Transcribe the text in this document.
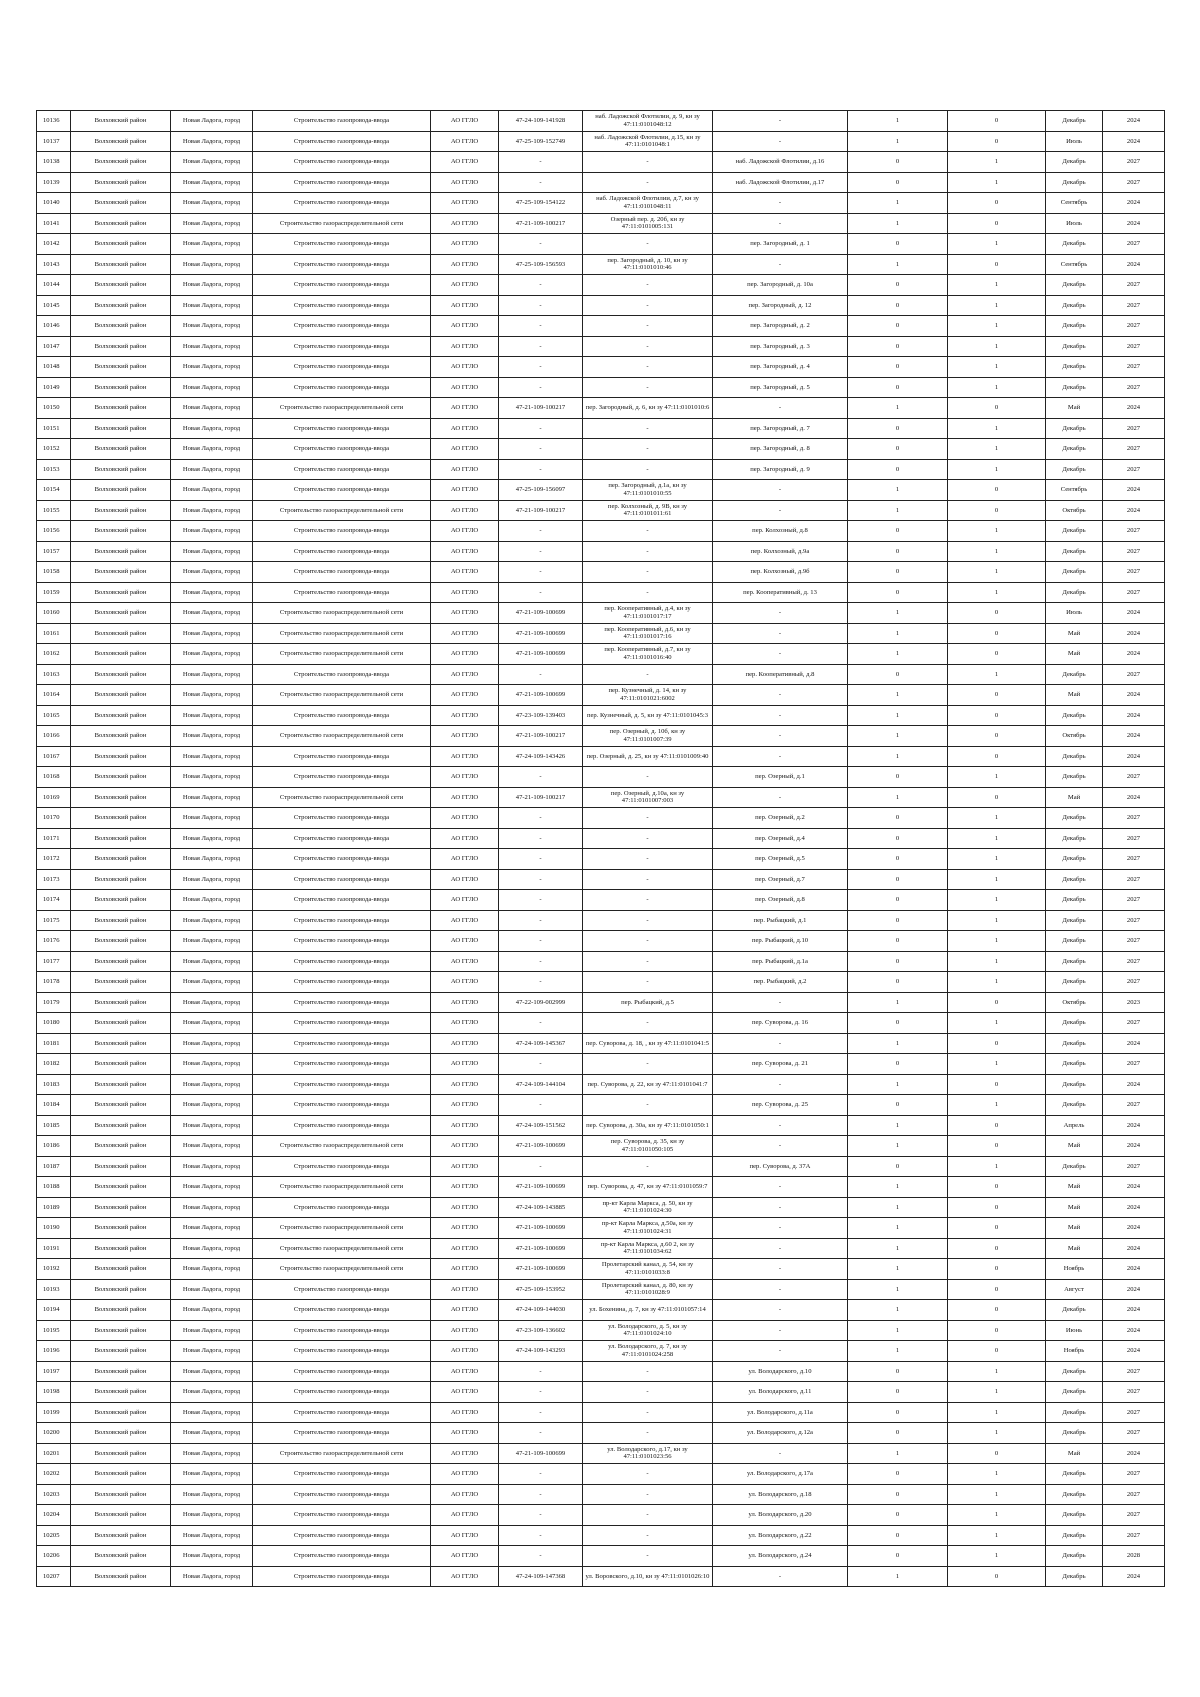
10136	Волховский район	Новая Ладога, город	Строительство газопровода-ввода	АО ГГЛО	47-24-109-141928	наб. Ладожской Флотилии, д. 9, кн зу 47:11:0101048:12	-	1	0	Декабрь	2024
10137	Волховский район	Новая Ладога, город	Строительство газопровода-ввода	АО ГГЛО	47-25-109-152749	наб. Ладожской Флотилии, д.15, кн зу 47:11:0101048:1	-	1	0	Июль	2024
10138	Волховский район	Новая Ладога, город	Строительство газопровода-ввода	АО ГГЛО	-	-	наб. Ладожской Флотилии, д.16	0	1	Декабрь	2027
10139	Волховский район	Новая Ладога, город	Строительство газопровода-ввода	АО ГГЛО	-	-	наб. Ладожской Флотилии, д.17	0	1	Декабрь	2027
10140	Волховский район	Новая Ладога, город	Строительство газопровода-ввода	АО ГГЛО	47-25-109-154122	наб. Ладожской Флотилии, д.7, кн зу 47:11:0101048:11	-	1	0	Сентябрь	2024
10141	Волховский район	Новая Ладога, город	Строительство газораспределительной сети	АО ГГЛО	47-21-109-100217	Озерный пер. д. 20б, кн зу 47:11:0101005:131	-	1	0	Июль	2024
10142	Волховский район	Новая Ладога, город	Строительство газопровода-ввода	АО ГГЛО	-	-	пер. Загородный, д. 1	0	1	Декабрь	2027
10143	Волховский район	Новая Ладога, город	Строительство газопровода-ввода	АО ГГЛО	47-25-109-156593	пер. Загородный, д. 10, кн зу 47:11:0101010:46	-	1	0	Сентябрь	2024
10144	Волховский район	Новая Ладога, город	Строительство газопровода-ввода	АО ГГЛО	-	-	пер. Загородный, д. 10а	0	1	Декабрь	2027
10145	Волховский район	Новая Ладога, город	Строительство газопровода-ввода	АО ГГЛО	-	-	пер. Загородный, д. 12	0	1	Декабрь	2027
10146	Волховский район	Новая Ладога, город	Строительство газопровода-ввода	АО ГГЛО	-	-	пер. Загородный, д. 2	0	1	Декабрь	2027
10147	Волховский район	Новая Ладога, город	Строительство газопровода-ввода	АО ГГЛО	-	-	пер. Загородный, д. 3	0	1	Декабрь	2027
10148	Волховский район	Новая Ладога, город	Строительство газопровода-ввода	АО ГГЛО	-	-	пер. Загородный, д. 4	0	1	Декабрь	2027
10149	Волховский район	Новая Ладога, город	Строительство газопровода-ввода	АО ГГЛО	-	-	пер. Загородный, д. 5	0	1	Декабрь	2027
10150	Волховский район	Новая Ладога, город	Строительство газораспределительной сети	АО ГГЛО	47-21-109-100217	пер. Загородный, д. 6, кн зу 47:11:0101010:6	-	1	0	Май	2024
10151	Волховский район	Новая Ладога, город	Строительство газопровода-ввода	АО ГГЛО	-	-	пер. Загородный, д. 7	0	1	Декабрь	2027
10152	Волховский район	Новая Ладога, город	Строительство газопровода-ввода	АО ГГЛО	-	-	пер. Загородный, д. 8	0	1	Декабрь	2027
10153	Волховский район	Новая Ладога, город	Строительство газопровода-ввода	АО ГГЛО	-	-	пер. Загородный, д. 9	0	1	Декабрь	2027
10154	Волховский район	Новая Ладога, город	Строительство газопровода-ввода	АО ГГЛО	47-25-109-156097	пер. Загородный, д.1а, кн зу 47:11:0101010:55	-	1	0	Сентябрь	2024
10155	Волховский район	Новая Ладога, город	Строительство газораспределительной сети	АО ГГЛО	47-21-109-100217	пер. Колхозный, д. 9В, кн зу 47:11:0101011:61	-	1	0	Октябрь	2024
10156	Волховский район	Новая Ладога, город	Строительство газопровода-ввода	АО ГГЛО	-	-	пер. Колхозный, д.8	0	1	Декабрь	2027
10157	Волховский район	Новая Ладога, город	Строительство газопровода-ввода	АО ГГЛО	-	-	пер. Колхозный, д.9а	0	1	Декабрь	2027
10158	Волховский район	Новая Ладога, город	Строительство газопровода-ввода	АО ГГЛО	-	-	пер. Колхозный, д.9б	0	1	Декабрь	2027
10159	Волховский район	Новая Ладога, город	Строительство газопровода-ввода	АО ГГЛО	-	-	пер. Кооперативный, д. 13	0	1	Декабрь	2027
10160	Волховский район	Новая Ладога, город	Строительство газораспределительной сети	АО ГГЛО	47-21-109-100699	пер. Кооперативный, д.4, кн зу 47:11:0101017:17	-	1	0	Июль	2024
10161	Волховский район	Новая Ладога, город	Строительство газораспределительной сети	АО ГГЛО	47-21-109-100699	пер. Кооперативный, д.6, кн зу 47:11:0101017:16	-	1	0	Май	2024
10162	Волховский район	Новая Ладога, город	Строительство газораспределительной сети	АО ГГЛО	47-21-109-100699	пер. Кооперативный, д.7, кн зу 47:11:0101016:40	-	1	0	Май	2024
10163	Волховский район	Новая Ладога, город	Строительство газопровода-ввода	АО ГГЛО	-	-	пер. Кооперативный, д.8	0	1	Декабрь	2027
10164	Волховский район	Новая Ладога, город	Строительство газораспределительной сети	АО ГГЛО	47-21-109-100699	пер. Кузнечный, д. 14, кн зу 47:11:0101021:6002	-	1	0	Май	2024
10165	Волховский район	Новая Ладога, город	Строительство газопровода-ввода	АО ГГЛО	47-23-109-139403	пер. Кузнечный, д. 5, кн зу 47:11:0101045:3	-	1	0	Декабрь	2024
10166	Волховский район	Новая Ладога, город	Строительство газораспределительной сети	АО ГГЛО	47-21-109-100217	пер. Озерный, д. 10б, кн зу 47:11:0101007:39	-	1	0	Октябрь	2024
10167	Волховский район	Новая Ладога, город	Строительство газопровода-ввода	АО ГГЛО	47-24-109-143426	пер. Озерный, д. 25, кн зу 47:11:0101009:40	-	1	0	Декабрь	2024
10168	Волховский район	Новая Ладога, город	Строительство газопровода-ввода	АО ГГЛО	-	-	пер. Озерный, д.1	0	1	Декабрь	2027
10169	Волховский район	Новая Ладога, город	Строительство газораспределительной сети	АО ГГЛО	47-21-109-100217	пер. Озерный, д.10а, кн зу 47:11:0101007:003	-	1	0	Май	2024
10170	Волховский район	Новая Ладога, город	Строительство газопровода-ввода	АО ГГЛО	-	-	пер. Озерный, д.2	0	1	Декабрь	2027
10171	Волховский район	Новая Ладога, город	Строительство газопровода-ввода	АО ГГЛО	-	-	пер. Озерный, д.4	0	1	Декабрь	2027
10172	Волховский район	Новая Ладога, город	Строительство газопровода-ввода	АО ГГЛО	-	-	пер. Озерный, д.5	0	1	Декабрь	2027
10173	Волховский район	Новая Ладога, город	Строительство газопровода-ввода	АО ГГЛО	-	-	пер. Озерный, д.7	0	1	Декабрь	2027
10174	Волховский район	Новая Ладога, город	Строительство газопровода-ввода	АО ГГЛО	-	-	пер. Озерный, д.8	0	1	Декабрь	2027
10175	Волховский район	Новая Ладога, город	Строительство газопровода-ввода	АО ГГЛО	-	-	пер. Рыбацкий, д.1	0	1	Декабрь	2027
10176	Волховский район	Новая Ладога, город	Строительство газопровода-ввода	АО ГГЛО	-	-	пер. Рыбацкий, д.10	0	1	Декабрь	2027
10177	Волховский район	Новая Ладога, город	Строительство газопровода-ввода	АО ГГЛО	-	-	пер. Рыбацкий, д.1а	0	1	Декабрь	2027
10178	Волховский район	Новая Ладога, город	Строительство газопровода-ввода	АО ГГЛО	-	-	пер. Рыбацкий, д.2	0	1	Декабрь	2027
10179	Волховский район	Новая Ладога, город	Строительство газопровода-ввода	АО ГГЛО	47-22-109-002999	пер. Рыбацкий, д.5	-	1	0	Октябрь	2023
10180	Волховский район	Новая Ладога, город	Строительство газопровода-ввода	АО ГГЛО	-	-	пер. Суворова, д. 16	0	1	Декабрь	2027
10181	Волховский район	Новая Ладога, город	Строительство газопровода-ввода	АО ГГЛО	47-24-109-145367	пер. Суворова, д. 18, , кн зу 47:11:0101041:5	-	1	0	Декабрь	2024
10182	Волховский район	Новая Ладога, город	Строительство газопровода-ввода	АО ГГЛО	-	-	пер. Суворова, д. 21	0	1	Декабрь	2027
10183	Волховский район	Новая Ладога, город	Строительство газопровода-ввода	АО ГГЛО	47-24-109-144104	пер. Суворова, д. 22, кн зу 47:11:0101041:7	-	1	0	Декабрь	2024
10184	Волховский район	Новая Ладога, город	Строительство газопровода-ввода	АО ГГЛО	-	-	пер. Суворова, д. 25	0	1	Декабрь	2027
10185	Волховский район	Новая Ладога, город	Строительство газопровода-ввода	АО ГГЛО	47-24-109-151562	пер. Суворова, д. 30а, кн зу 47:11:0101050:1	-	1	0	Апрель	2024
10186	Волховский район	Новая Ладога, город	Строительство газораспределительной сети	АО ГГЛО	47-21-109-100699	пер. Суворова, д. 35, кн зу 47:11:0101050:105	-	1	0	Май	2024
10187	Волховский район	Новая Ладога, город	Строительство газопровода-ввода	АО ГГЛО	-	-	пер. Суворова, д. 37А	0	1	Декабрь	2027
10188	Волховский район	Новая Ладога, город	Строительство газораспределительной сети	АО ГГЛО	47-21-109-100699	пер. Суворова, д. 47, кн зу 47:11:0101059:7	-	1	0	Май	2024
10189	Волховский район	Новая Ладога, город	Строительство газопровода-ввода	АО ГГЛО	47-24-109-143885	пр-кт Карла Маркса, д. 50, кн зу 47:11:0101024:30	-	1	0	Май	2024
10190	Волховский район	Новая Ладога, город	Строительство газораспределительной сети	АО ГГЛО	47-21-109-100699	пр-кт Карла Маркса, д.50а, кн зу 47:11:0101024:31	-	1	0	Май	2024
10191	Волховский район	Новая Ладога, город	Строительство газораспределительной сети	АО ГГЛО	47-21-109-100699	пр-кт Карла Маркса, д.60 2, кн зу 47:11:0101034:62	-	1	0	Май	2024
10192	Волховский район	Новая Ладога, город	Строительство газораспределительной сети	АО ГГЛО	47-21-109-100699	Пролетарский канал, д. 54, кн зу 47:11:0101033:8	-	1	0	Ноябрь	2024
10193	Волховский район	Новая Ладога, город	Строительство газопровода-ввода	АО ГГЛО	47-25-109-153952	Пролетарский канал, д. 80, кн зу 47:11:0101028:9	-	1	0	Август	2024
10194	Волховский район	Новая Ладога, город	Строительство газопровода-ввода	АО ГГЛО	47-24-109-144030	ул. Бохенина, д. 7, кн зу 47:11:0101057:14	-	1	0	Декабрь	2024
10195	Волховский район	Новая Ладога, город	Строительство газопровода-ввода	АО ГГЛО	47-23-109-136602	ул. Володарского, д. 5, кн зу 47:11:0101024:10	-	1	0	Июнь	2024
10196	Волховский район	Новая Ладога, город	Строительство газопровода-ввода	АО ГГЛО	47-24-109-143293	ул. Володарского, д. 7, кн зу 47:11:0101024:258	-	1	0	Ноябрь	2024
10197	Волховский район	Новая Ладога, город	Строительство газопровода-ввода	АО ГГЛО	-	-	ул. Володарского, д.10	0	1	Декабрь	2027
10198	Волховский район	Новая Ладога, город	Строительство газопровода-ввода	АО ГГЛО	-	-	ул. Володарского, д.11	0	1	Декабрь	2027
10199	Волховский район	Новая Ладога, город	Строительство газопровода-ввода	АО ГГЛО	-	-	ул. Володарского, д.11а	0	1	Декабрь	2027
10200	Волховский район	Новая Ладога, город	Строительство газопровода-ввода	АО ГГЛО	-	-	ул. Володарского, д.12а	0	1	Декабрь	2027
10201	Волховский район	Новая Ладога, город	Строительство газораспределительной сети	АО ГГЛО	47-21-109-100699	ул. Володарского, д.17, кн зу 47:11:0101023:56	-	1	0	Май	2024
10202	Волховский район	Новая Ладога, город	Строительство газопровода-ввода	АО ГГЛО	-	-	ул. Володарского, д.17а	0	1	Декабрь	2027
10203	Волховский район	Новая Ладога, город	Строительство газопровода-ввода	АО ГГЛО	-	-	ул. Володарского, д.18	0	1	Декабрь	2027
10204	Волховский район	Новая Ладога, город	Строительство газопровода-ввода	АО ГГЛО	-	-	ул. Володарского, д.20	0	1	Декабрь	2027
10205	Волховский район	Новая Ладога, город	Строительство газопровода-ввода	АО ГГЛО	-	-	ул. Володарского, д.22	0	1	Декабрь	2027
10206	Волховский район	Новая Ладога, город	Строительство газопровода-ввода	АО ГГЛО	-	-	ул. Володарского, д.24	0	1	Декабрь	2028
10207	Волховский район	Новая Ладога, город	Строительство газопровода-ввода	АО ГГЛО	47-24-109-147368	ул. Воровского, д.10, кн зу 47:11:0101026:10	-	1	0	Декабрь	2024
